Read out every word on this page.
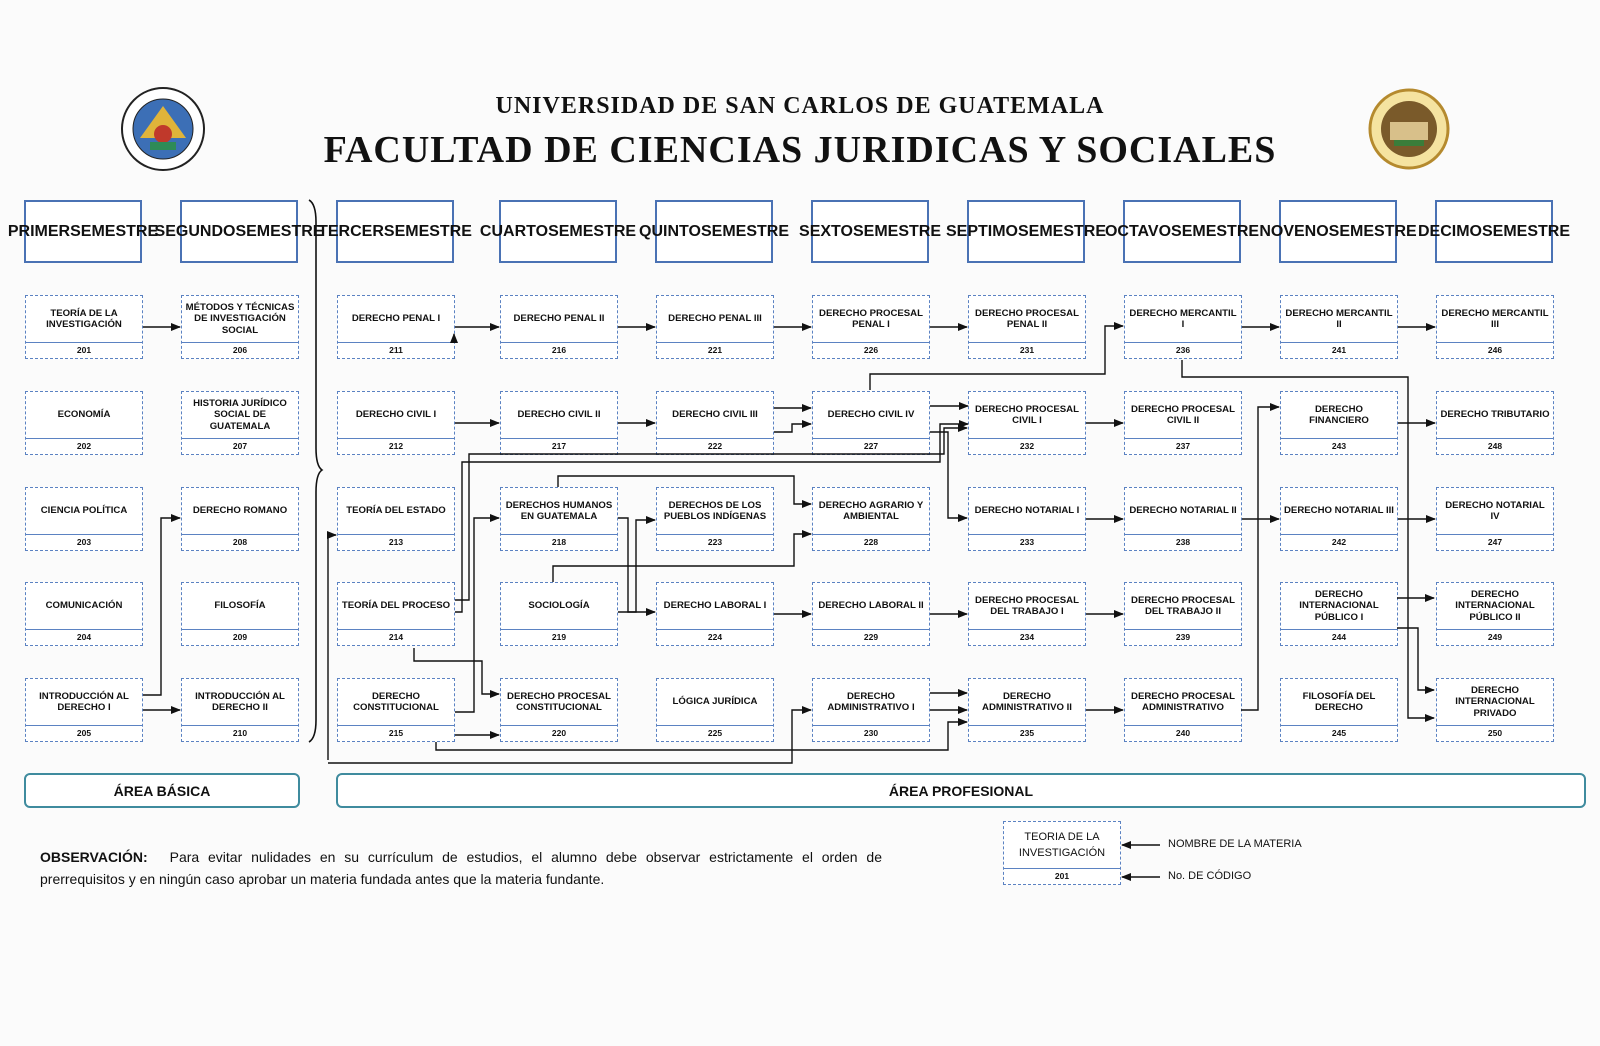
UNIVERSIDAD DE SAN CARLOS DE GUATEMALA
FACULTAD DE CIENCIAS JURIDICAS Y SOCIALES
PRIMER SEMESTRE
SEGUNDO SEMESTRE
TERCER SEMESTRE CUARTO SEMESTRE QUINTO SEMESTRE SEXTO SEMESTRE SEPTIMO SEMESTRE
OCTAVO SEMESTRE NOVENO SEMESTRE DECIMO SEMESTRE
TEORÍA DE LA INVESTIGACIÓN
201
ECONOMÍA
202
CIENCIA POLÍTICA
203
COMUNICACIÓN
204
INTRODUCCIÓN AL DERECHO I
205
MÉTODOS Y TÉCNICAS DE INVESTIGACIÓN SOCIAL
206
HISTORIA JURÍDICO SOCIAL DE GUATEMALA
207
DERECHO ROMANO
208
FILOSOFÍA
209
INTRODUCCIÓN AL DERECHO II
210
DERECHO PENAL I
211
DERECHO CIVIL I
212
TEORÍA DEL ESTADO
213
TEORÍA DEL PROCESO
214
DERECHO CONSTITUCIONAL
215
DERECHO PENAL II
216
DERECHO CIVIL II
217
DERECHOS HUMANOS EN GUATEMALA
218
SOCIOLOGÍA
219
DERECHO PROCESAL CONSTITUCIONAL
220
DERECHO PENAL III
221
DERECHO CIVIL III
222
DERECHOS DE LOS PUEBLOS INDÍGENAS
223
DERECHO LABORAL I
224
LÓGICA JURÍDICA
225
DERECHO PROCESAL PENAL I
226
DERECHO CIVIL IV
227
DERECHO AGRARIO Y AMBIENTAL
228
DERECHO LABORAL II
229
DERECHO ADMINISTRATIVO I
230
DERECHO PROCESAL PENAL II
231
DERECHO PROCESAL CIVIL I
232
DERECHO NOTARIAL I
233
DERECHO PROCESAL DEL TRABAJO I
234
DERECHO ADMINISTRATIVO II
235
DERECHO MERCANTIL I
236
DERECHO PROCESAL CIVIL II
237
DERECHO NOTARIAL II
238
DERECHO PROCESAL DEL TRABAJO II
239
DERECHO PROCESAL ADMINISTRATIVO
240
DERECHO MERCANTIL II
241
DERECHO FINANCIERO
243
DERECHO NOTARIAL III
242
DERECHO INTERNACIONAL PÚBLICO I
244
FILOSOFÍA DEL DERECHO
245
DERECHO MERCANTIL III
246
DERECHO TRIBUTARIO
248
DERECHO NOTARIAL IV
247
DERECHO INTERNACIONAL PÚBLICO II
249
DERECHO INTERNACIONAL PRIVADO
250
ÁREA BÁSICA	ÁREA PROFESIONAL
OBSERVACIÓN: Para evitar nulidades en su currículum de estudios, el alumno debe observar estrictamente el orden de prerrequisitos y en ningún caso aprobar un materia fundada antes que la materia fundante.
TEORIA DE LA INVESTIGACIÓN
201
NOMBRE DE LA MATERIA
No. DE CÓDIGO
